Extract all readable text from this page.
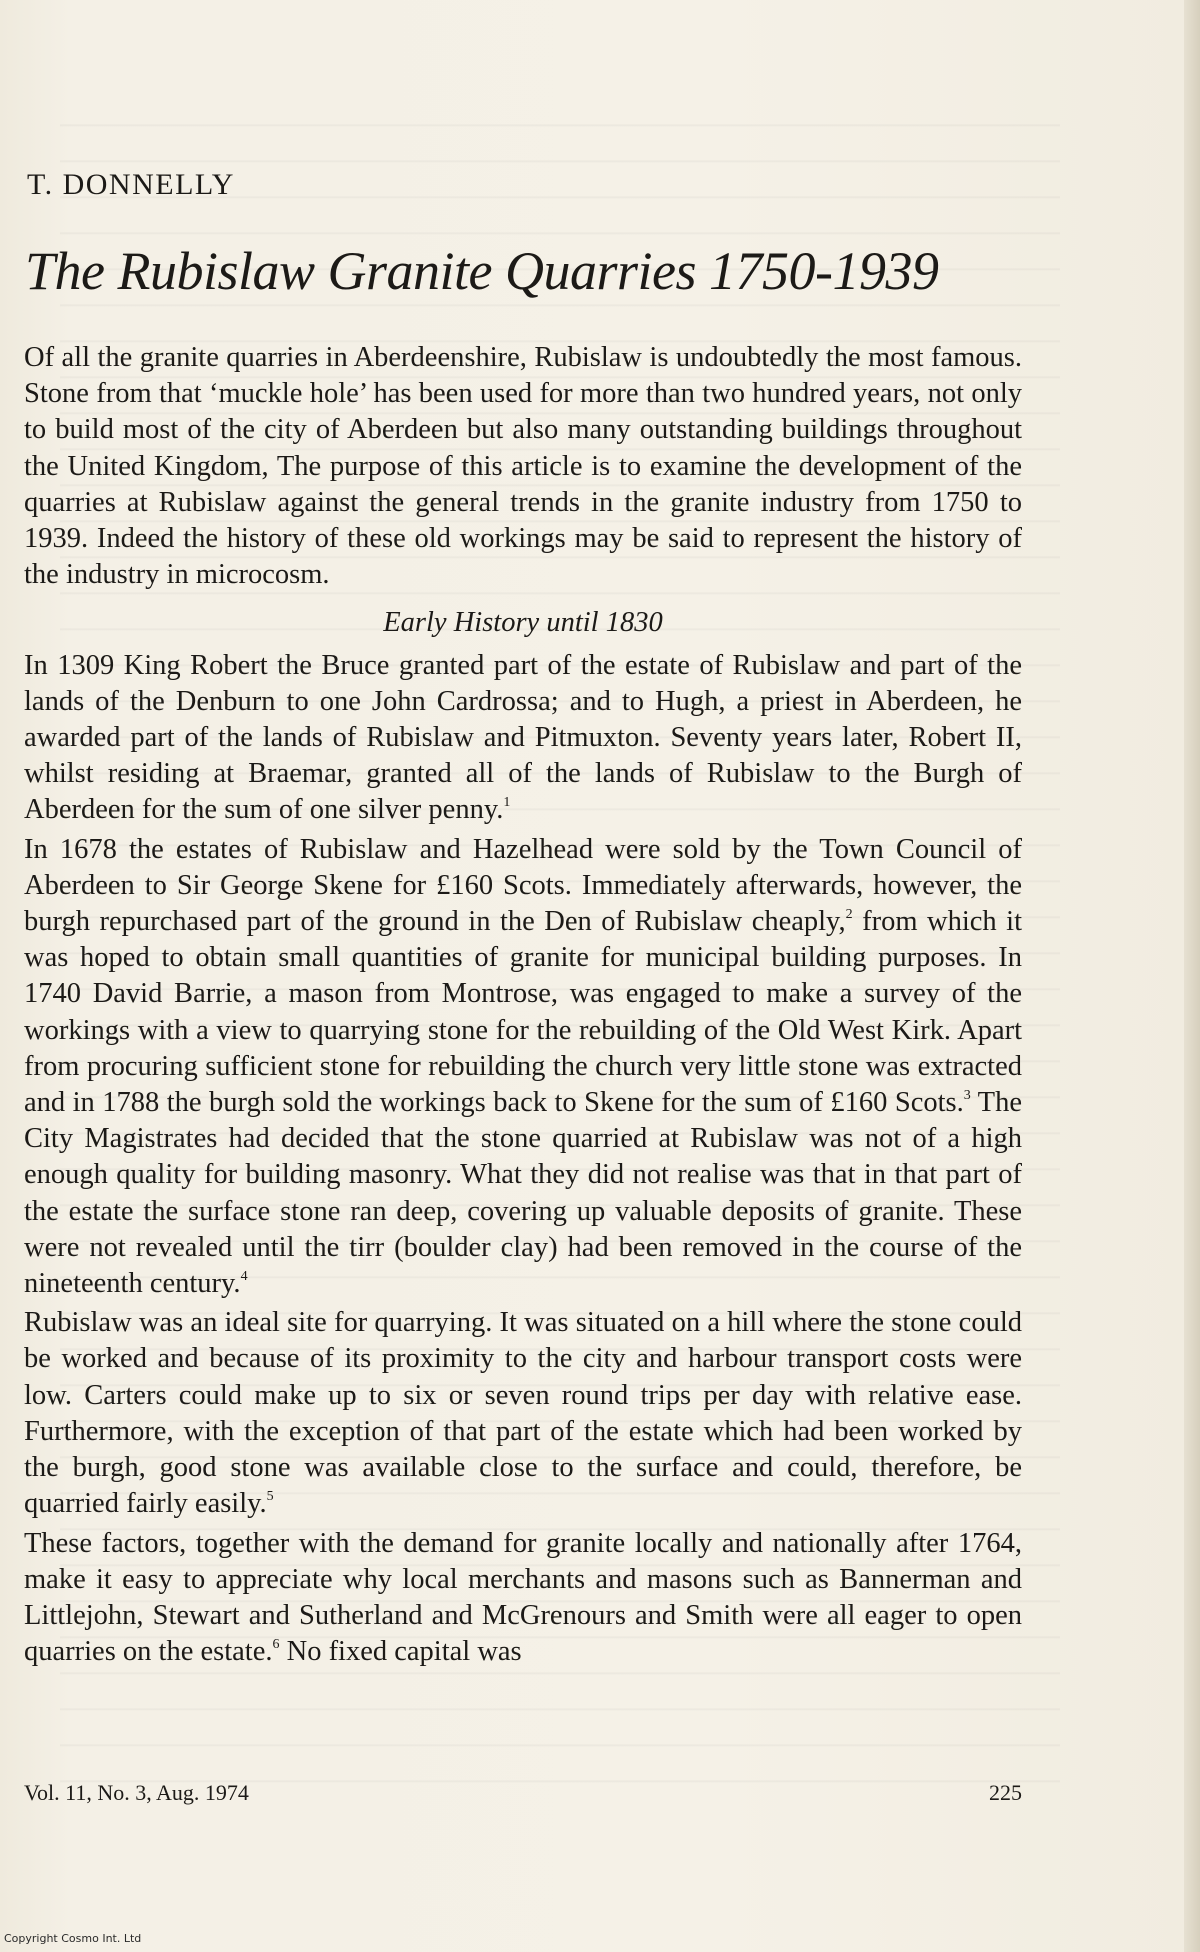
T. DONNELLY
The Rubislaw Granite Quarries 1750-1939

Of all the granite quarries in Aberdeenshire, Rubislaw is undoubtedly the most famous. Stone from that ‘muckle hole’ has been used for more than two hundred years, not only to build most of the city of Aberdeen but also many outstanding buildings throughout the United Kingdom, The purpose of this article is to examine the development of the quarries at Rubislaw against the general trends in the granite industry from 1750 to 1939. Indeed the history of these old workings may be said to represent the history of the industry in microcosm.

Early History until 1830

In 1309 King Robert the Bruce granted part of the estate of Rubislaw and part of the lands of the Denburn to one John Cardrossa; and to Hugh, a priest in Aberdeen, he awarded part of the lands of Rubislaw and Pitmuxton. Seventy years later, Robert II, whilst residing at Braemar, granted all of the lands of Rubislaw to the Burgh of Aberdeen for the sum of one silver penny.$^1$

In 1678 the estates of Rubislaw and Hazelhead were sold by the Town Council of Aberdeen to Sir George Skene for £160 Scots. Immediately afterwards, however, the burgh repurchased part of the ground in the Den of Rubislaw cheaply,$^2$ from which it was hoped to obtain small quantities of granite for municipal building purposes. In 1740 David Barrie, a mason from Montrose, was engaged to make a survey of the workings with a view to quarrying stone for the rebuilding of the Old West Kirk. Apart from procuring sufficient stone for rebuilding the church very little stone was extracted and in 1788 the burgh sold the workings back to Skene for the sum of £160 Scots.$^3$ The City Magistrates had decided that the stone quarried at Rubislaw was not of a high enough quality for building masonry. What they did not realise was that in that part of the estate the surface stone ran deep, covering up valuable deposits of granite. These were not revealed until the tirr (boulder clay) had been removed in the course of the nineteenth century.$^4$

Rubislaw was an ideal site for quarrying. It was situated on a hill where the stone could be worked and because of its proximity to the city and harbour transport costs were low. Carters could make up to six or seven round trips per day with relative ease. Furthermore, with the exception of that part of the estate which had been worked by the burgh, good stone was available close to the surface and could, therefore, be quarried fairly easily.$^5$

These factors, together with the demand for granite locally and nationally after 1764, make it easy to appreciate why local merchants and masons such as Bannerman and Littlejohn, Stewart and Sutherland and McGrenours and Smith were all eager to open quarries on the estate.$^6$ No fixed capital was

Vol. 11, No. 3, Aug. 1974	225
Copyright Cosmo Int. Ltd
